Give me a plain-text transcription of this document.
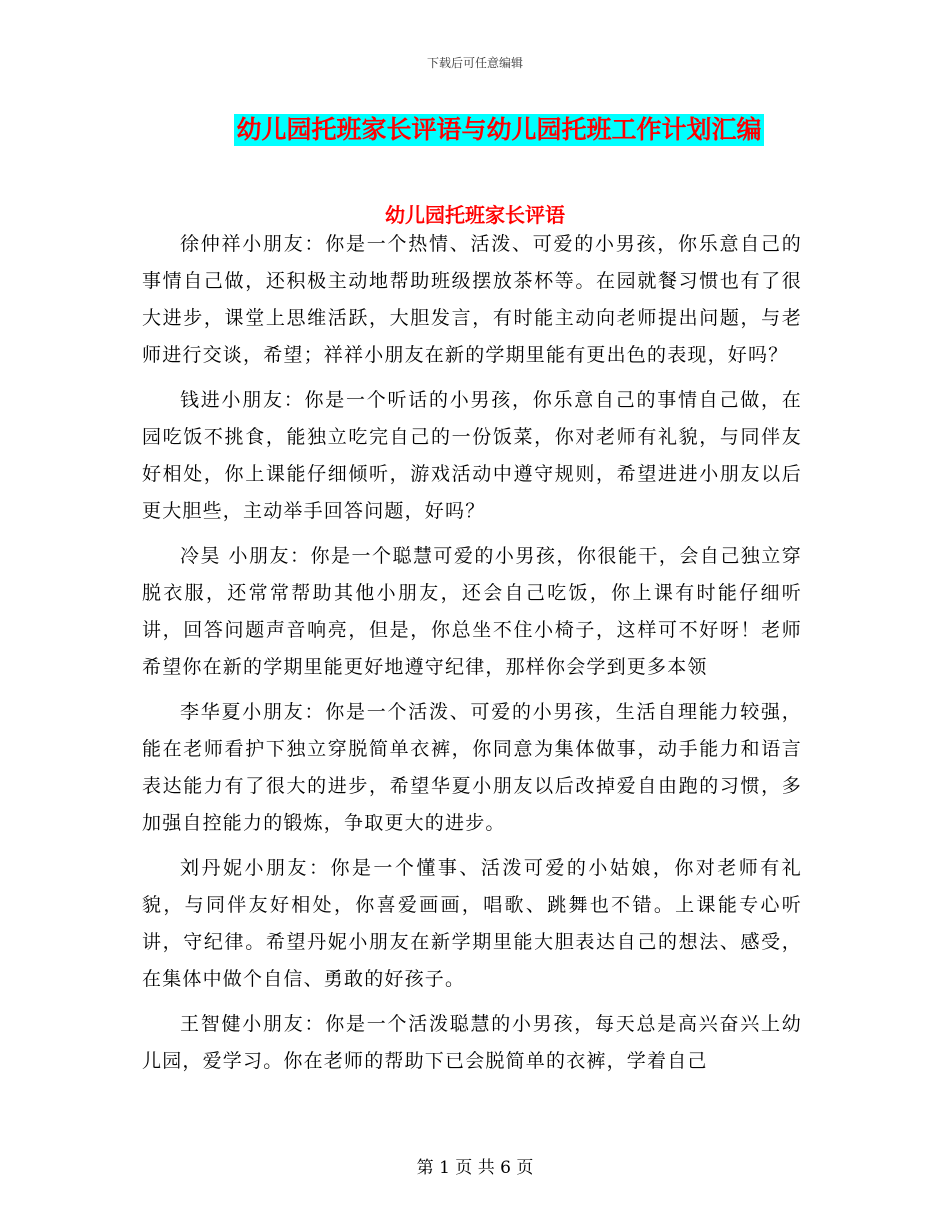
下载后可任意编辑
幼儿园托班家长评语与幼儿园托班工作计划汇编
幼儿园托班家长评语

徐仲祥小朋友：你是一个热情、活泼、可爱的小男孩，你乐意自己的事情自己做，还积极主动地帮助班级摆放茶杯等。在园就餐习惯也有了很大进步，课堂上思维活跃，大胆发言，有时能主动向老师提出问题，与老师进行交谈，希望；祥祥小朋友在新的学期里能有更出色的表现，好吗？

钱进小朋友：你是一个听话的小男孩，你乐意自己的事情自己做，在园吃饭不挑食，能独立吃完自己的一份饭菜，你对老师有礼貌，与同伴友好相处，你上课能仔细倾听，游戏活动中遵守规则，希望进进小朋友以后更大胆些，主动举手回答问题，好吗？

冷昊 小朋友：你是一个聪慧可爱的小男孩，你很能干，会自己独立穿脱衣服，还常常帮助其他小朋友，还会自己吃饭，你上课有时能仔细听讲，回答问题声音响亮，但是，你总坐不住小椅子，这样可不好呀！老师希望你在新的学期里能更好地遵守纪律，那样你会学到更多本领

李华夏小朋友：你是一个活泼、可爱的小男孩，生活自理能力较强，能在老师看护下独立穿脱简单衣裤，你同意为集体做事，动手能力和语言表达能力有了很大的进步，希望华夏小朋友以后改掉爱自由跑的习惯，多加强自控能力的锻炼，争取更大的进步。

刘丹妮小朋友：你是一个懂事、活泼可爱的小姑娘，你对老师有礼貌，与同伴友好相处，你喜爱画画，唱歌、跳舞也不错。上课能专心听讲，守纪律。希望丹妮小朋友在新学期里能大胆表达自己的想法、感受，在集体中做个自信、勇敢的好孩子。

王智健小朋友：你是一个活泼聪慧的小男孩，每天总是高兴奋兴上幼儿园，爱学习。你在老师的帮助下已会脱简单的衣裤，学着自己

第 1 页 共 6 页
